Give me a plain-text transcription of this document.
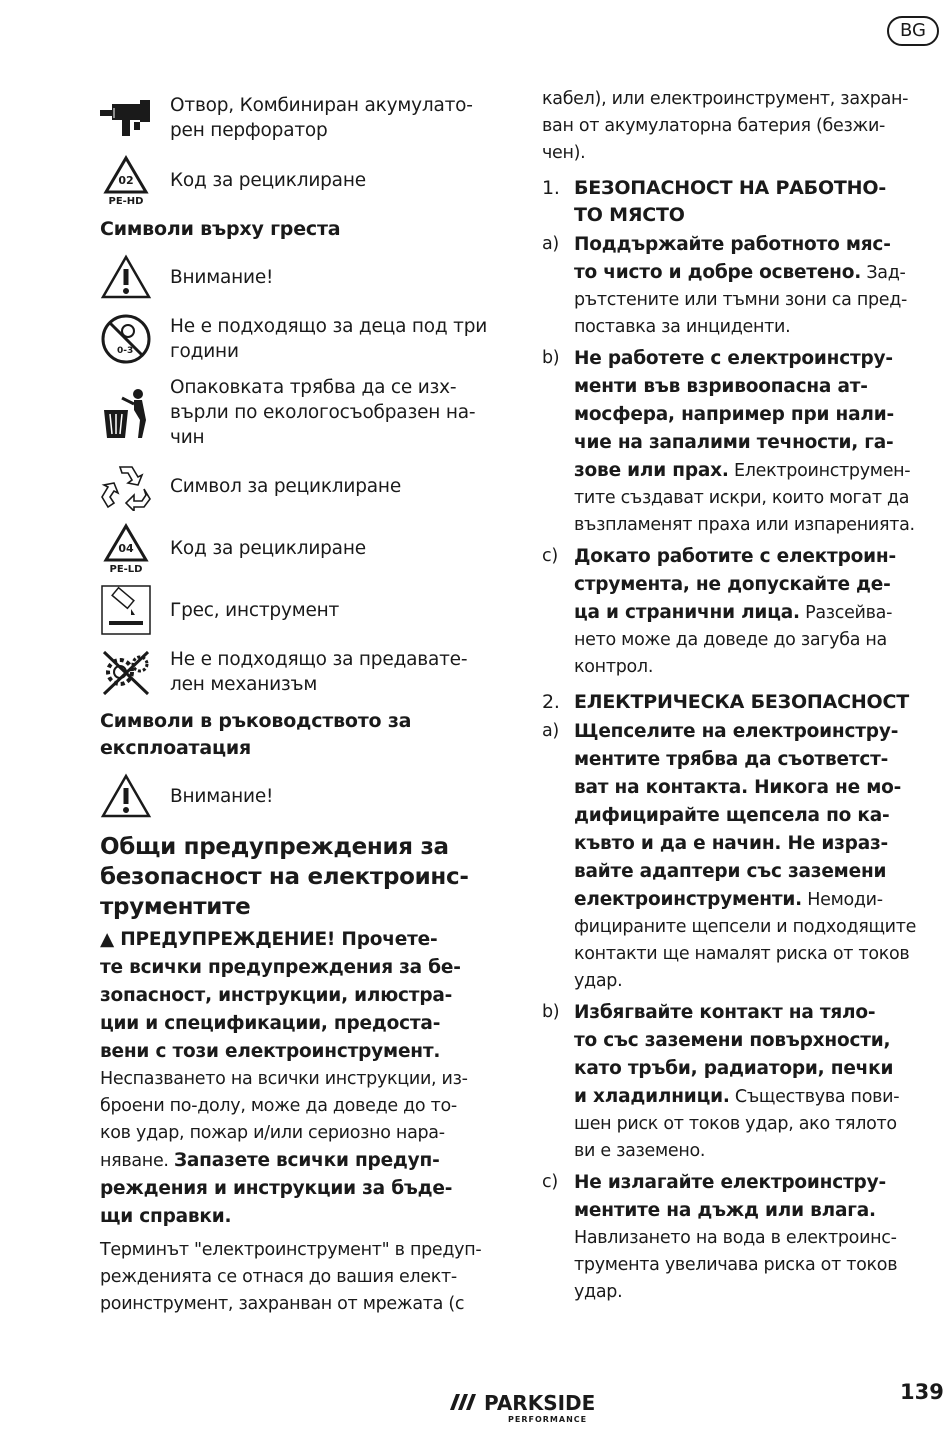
BG
Отвор, Комбиниран акумулато-
рен перфоратор
02
PE-HD
Код за рециклиране
Символи върху греста
Внимание!
0-3
Не е подходящо за деца под три
години
Опаковката трябва да се изх-
върли по екологосъобразен на-
чин
Символ за рециклиране
04
PE-LD
Код за рециклиране
Грес, инструмент
Не е подходящо за предавате-
лен механизъм
Символи в ръководството за
експлоатация
Внимание!
Общи предупреждения за
безопасност на електроинс-
трументите
▲ ПРЕДУПРЕЖДЕНИЕ! Прочете-
те всички предупреждения за бе-
зопасност, инструкции, илюстра-
ции и спецификации, предоста-
вени с този електроинструмент.
Неспазването на всички инструкции, из-
броени по-долу, може да доведе до то-
ков удар, пожар и/или сериозно нара-
няване. Запазете всички предуп-
реждения и инструкции за бъде-
щи справки.
Терминът "електроинструмент" в предуп-
режденията се отнася до вашия елект-
роинструмент, захранван от мрежата (с
кабел), или електроинструмент, захран-
ван от акумулаторна батерия (безжи-
чен).
1. БЕЗОПАСНОСТ НА РАБОТНО-
ТО МЯСТО
a) Поддържайте работното мяс-
то чисто и добре осветено. Зад-
рътстените или тъмни зони са пред-
поставка за инциденти.
b) Не работете с електроинстру-
менти във взривоопасна ат-
мосфера, например при нали-
чие на запалими течности, га-
зове или прах. Електроинструмен-
тите създават искри, които могат да
възпламенят праха или изпаренията.
c) Докато работите с електроин-
струмента, не допускайте де-
ца и странични лица. Разсейва-
нето може да доведе до загуба на
контрол.
2. ЕЛЕКТРИЧЕСКА БЕЗОПАСНОСТ
a) Щепселите на електроинстру-
ментите трябва да съответст-
ват на контакта. Никога не мо-
дифицирайте щепсела по ка-
къвто и да е начин. Не израз-
вайте адаптери със заземени
електроинструменти. Немоди-
фицираните щепсели и подходящите
контакти ще намалят риска от токов
удар.
b) Избягвайте контакт на тяло-
то със заземени повърхности,
като тръби, радиатори, печки
и хладилници. Съществува пови-
шен риск от токов удар, ако тялото
ви е заземено.
c) Не излагайте електроинстру-
ментите на дъжд или влага.
Навлизането на вода в електроинс-
трумента увеличава риска от токов
удар.
PARKSIDE
PERFORMANCE
139
